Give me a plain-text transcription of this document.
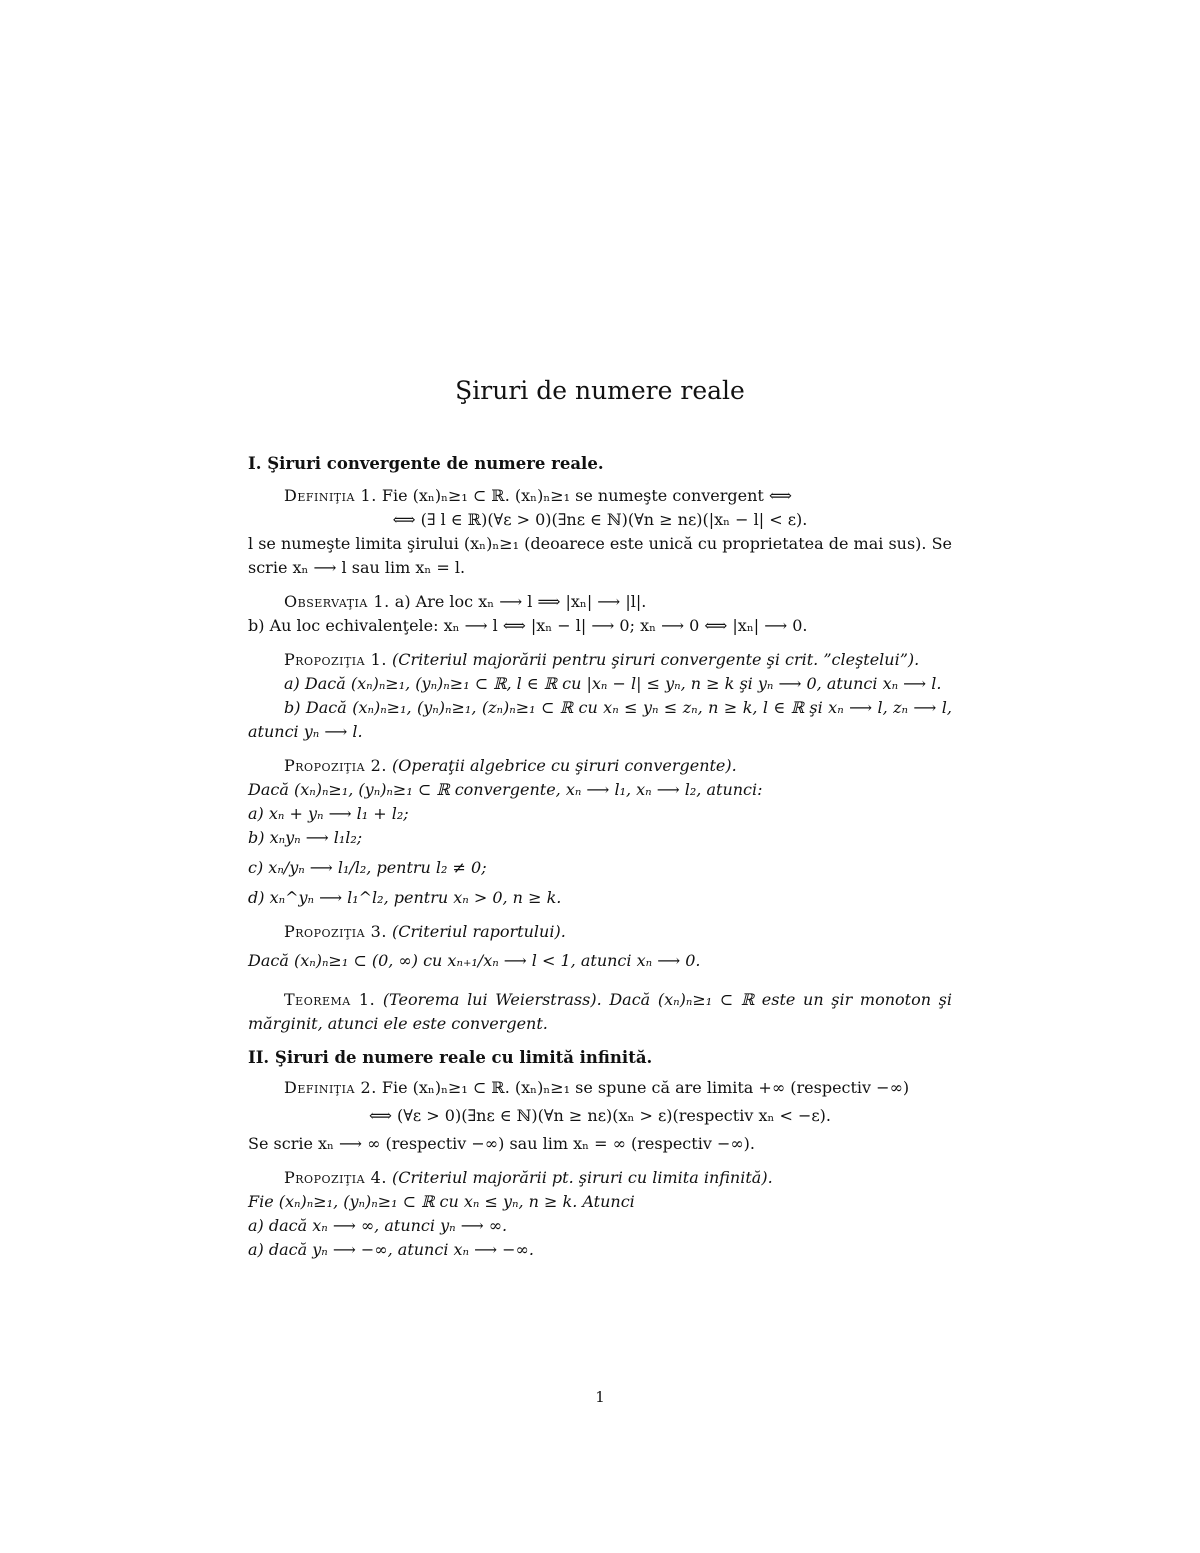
Şiruri de numere reale

I. Şiruri convergente de numere reale.

Definiţia 1. Fie (xₙ)ₙ≥₁ ⊂ ℝ. (xₙ)ₙ≥₁ se numeşte convergent ⟺

⟺ (∃ l ∈ ℝ)(∀ε > 0)(∃nε ∈ ℕ)(∀n ≥ nε)(|xₙ − l| < ε).

l se numeşte limita şirului (xₙ)ₙ≥₁ (deoarece este unică cu proprietatea de mai sus). Se scrie xₙ ⟶ l sau lim xₙ = l.

Observaţia 1. a) Are loc xₙ ⟶ l ⟹ |xₙ| ⟶ |l|.

b) Au loc echivalenţele: xₙ ⟶ l ⟺ |xₙ − l| ⟶ 0; xₙ ⟶ 0 ⟺ |xₙ| ⟶ 0.

Propoziţia 1. (Criteriul majorării pentru şiruri convergente şi crit. ”cleştelui”).

a) Dacă (xₙ)ₙ≥₁, (yₙ)ₙ≥₁ ⊂ ℝ, l ∈ ℝ cu |xₙ − l| ≤ yₙ, n ≥ k şi yₙ ⟶ 0, atunci xₙ ⟶ l.

b) Dacă (xₙ)ₙ≥₁, (yₙ)ₙ≥₁, (zₙ)ₙ≥₁ ⊂ ℝ cu xₙ ≤ yₙ ≤ zₙ, n ≥ k, l ∈ ℝ şi xₙ ⟶ l, zₙ ⟶ l, atunci yₙ ⟶ l.

Propoziţia 2. (Operaţii algebrice cu şiruri convergente).

Dacă (xₙ)ₙ≥₁, (yₙ)ₙ≥₁ ⊂ ℝ convergente, xₙ ⟶ l₁, xₙ ⟶ l₂, atunci:

a) xₙ + yₙ ⟶ l₁ + l₂;

b) xₙyₙ ⟶ l₁l₂;

c) xₙ/yₙ ⟶ l₁/l₂, pentru l₂ ≠ 0;

d) xₙ^yₙ ⟶ l₁^l₂, pentru xₙ > 0, n ≥ k.

Propoziţia 3. (Criteriul raportului).

Dacă (xₙ)ₙ≥₁ ⊂ (0, ∞) cu xₙ₊₁/xₙ ⟶ l < 1, atunci xₙ ⟶ 0.

Teorema 1. (Teorema lui Weierstrass). Dacă (xₙ)ₙ≥₁ ⊂ ℝ este un şir monoton şi mărginit, atunci ele este convergent.

II. Şiruri de numere reale cu limită infinită.

Definiţia 2. Fie (xₙ)ₙ≥₁ ⊂ ℝ. (xₙ)ₙ≥₁ se spune că are limita +∞ (respectiv −∞)

⟺ (∀ε > 0)(∃nε ∈ ℕ)(∀n ≥ nε)(xₙ > ε)(respectiv xₙ < −ε).

Se scrie xₙ ⟶ ∞ (respectiv −∞) sau lim xₙ = ∞ (respectiv −∞).

Propoziţia 4. (Criteriul majorării pt. şiruri cu limita infinită).

Fie (xₙ)ₙ≥₁, (yₙ)ₙ≥₁ ⊂ ℝ cu xₙ ≤ yₙ, n ≥ k. Atunci

a) dacă xₙ ⟶ ∞, atunci yₙ ⟶ ∞.

a) dacă yₙ ⟶ −∞, atunci xₙ ⟶ −∞.

1
